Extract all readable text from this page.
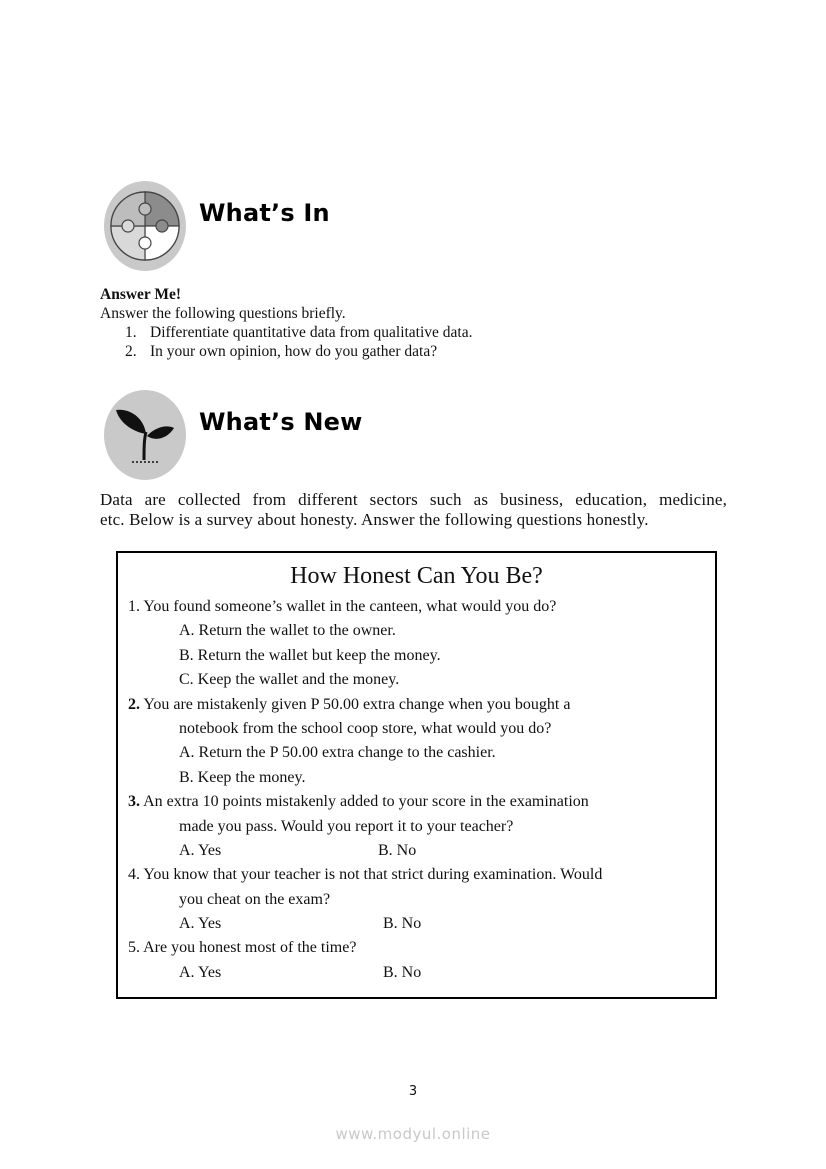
What’s In
Answer Me!
Answer the following questions briefly.
1. Differentiate quantitative data from qualitative data.
2. In your own opinion, how do you gather data?
What’s New
Data are collected from different sectors such as business, education, medicine,
etc. Below is a survey about honesty. Answer the following questions honestly.
How Honest Can You Be?
1. You found someone’s wallet in the canteen, what would you do?
A. Return the wallet to the owner.
B. Return the wallet but keep the money.
C. Keep the wallet and the money.
2. You are mistakenly given P 50.00 extra change when you bought a
notebook from the school coop store, what would you do?
A. Return the P 50.00 extra change to the cashier.
B. Keep the money.
3. An extra 10 points mistakenly added to your score in the examination
made you pass. Would you report it to your teacher?
A. Yes	B. No
4. You know that your teacher is not that strict during examination. Would
you cheat on the exam?
A. Yes	B. No
5. Are you honest most of the time?
A. Yes	B. No
3
www.modyul.online
